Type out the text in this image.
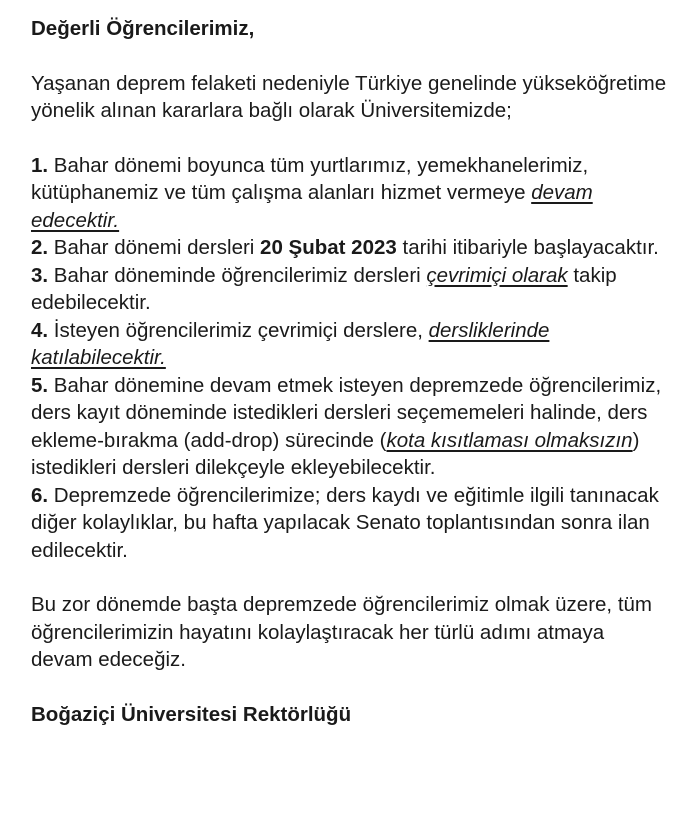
Değerli Öğrencilerimiz,
Yaşanan deprem felaketi nedeniyle Türkiye genelinde yükseköğretime yönelik alınan kararlara bağlı olarak Üniversitemizde;
1. Bahar dönemi boyunca tüm yurtlarımız, yemekhanelerimiz, kütüphanemiz ve tüm çalışma alanları hizmet vermeye devam edecektir.
2. Bahar dönemi dersleri 20 Şubat 2023 tarihi itibariyle başlayacaktır.
3. Bahar döneminde öğrencilerimiz dersleri çevrimiçi olarak takip edebilecektir.
4. İsteyen öğrencilerimiz çevrimiçi derslere, dersliklerinde katılabilecektir.
5. Bahar dönemine devam etmek isteyen depremzede öğrencilerimiz, ders kayıt döneminde istedikleri dersleri seçememeleri halinde, ders ekleme-bırakma (add-drop) sürecinde (kota kısıtlaması olmaksızın) istedikleri dersleri dilekçeyle ekleyebilecektir.
6. Depremzede öğrencilerimize; ders kaydı ve eğitimle ilgili tanınacak diğer kolaylıklar, bu hafta yapılacak Senato toplantısından sonra ilan edilecektir.
Bu zor dönemde başta depremzede öğrencilerimiz olmak üzere, tüm öğrencilerimizin hayatını kolaylaştıracak her türlü adımı atmaya devam edeceğiz.
Boğaziçi Üniversitesi Rektörlüğü
